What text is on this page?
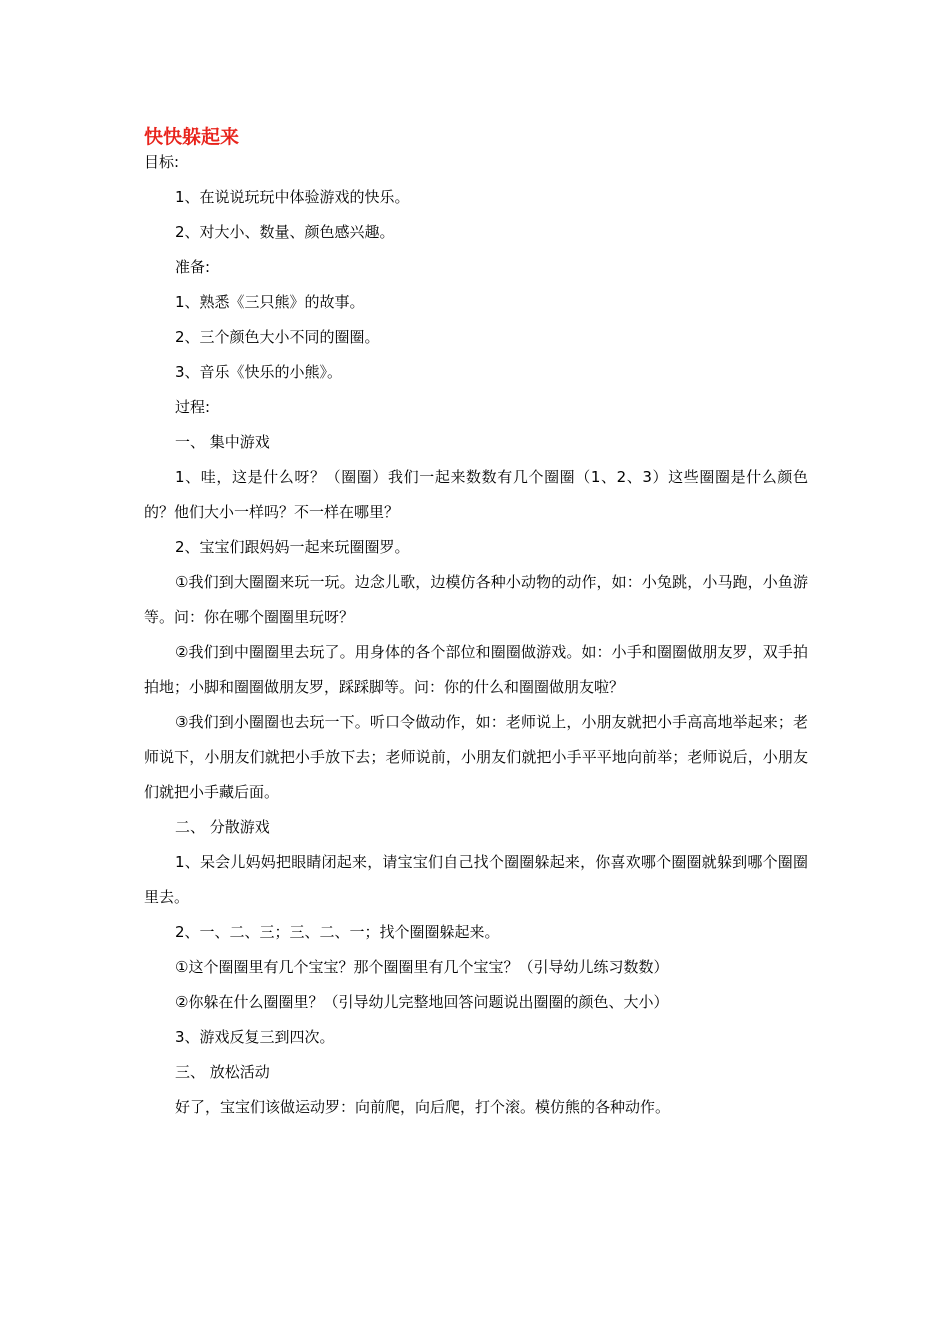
快快躲起来

目标:

1、在说说玩玩中体验游戏的快乐。

2、对大小、数量、颜色感兴趣。

准备:

1、熟悉《三只熊》的故事。

2、三个颜色大小不同的圈圈。

3、音乐《快乐的小熊》。

过程:

一、 集中游戏

1、哇，这是什么呀？（圈圈）我们一起来数数有几个圈圈（1、2、3）这些圈圈是什么颜色的？他们大小一样吗？不一样在哪里？

2、宝宝们跟妈妈一起来玩圈圈罗。

①我们到大圈圈来玩一玩。边念儿歌，边模仿各种小动物的动作，如：小兔跳，小马跑，小鱼游等。问：你在哪个圈圈里玩呀？

②我们到中圈圈里去玩了。用身体的各个部位和圈圈做游戏。如：小手和圈圈做朋友罗，双手拍拍地；小脚和圈圈做朋友罗，踩踩脚等。问：你的什么和圈圈做朋友啦？

③我们到小圈圈也去玩一下。听口令做动作，如：老师说上，小朋友就把小手高高地举起来；老师说下，小朋友们就把小手放下去；老师说前，小朋友们就把小手平平地向前举；老师说后，小朋友们就把小手藏后面。

二、 分散游戏

1、呆会儿妈妈把眼睛闭起来，请宝宝们自己找个圈圈躲起来，你喜欢哪个圈圈就躲到哪个圈圈里去。

2、一、二、三；三、二、一；找个圈圈躲起来。

①这个圈圈里有几个宝宝？那个圈圈里有几个宝宝？（引导幼儿练习数数）

②你躲在什么圈圈里？（引导幼儿完整地回答问题说出圈圈的颜色、大小）

3、游戏反复三到四次。

三、 放松活动

好了，宝宝们该做运动罗：向前爬，向后爬，打个滚。模仿熊的各种动作。
